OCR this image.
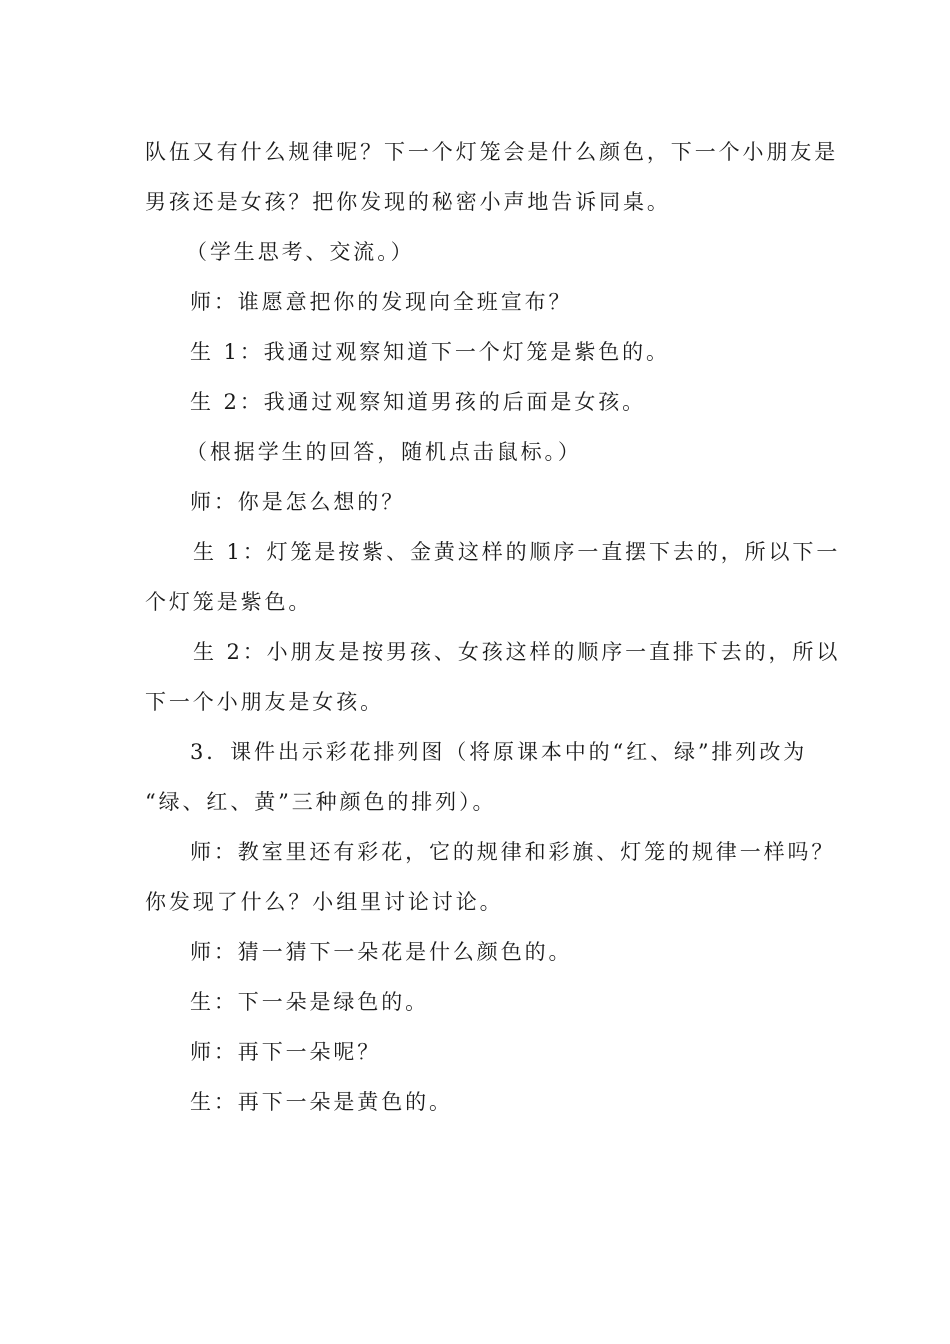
队伍又有什么规律呢？下一个灯笼会是什么颜色，下一个小朋友是

男孩还是女孩？把你发现的秘密小声地告诉同桌。

（学生思考、交流。）

师：谁愿意把你的发现向全班宣布？

生 1：我通过观察知道下一个灯笼是紫色的。

生 2：我通过观察知道男孩的后面是女孩。

（根据学生的回答，随机点击鼠标。）

师：你是怎么想的？

生 1：灯笼是按紫、金黄这样的顺序一直摆下去的，所以下一

个灯笼是紫色。

生 2：小朋友是按男孩、女孩这样的顺序一直排下去的，所以

下一个小朋友是女孩。

3．课件出示彩花排列图（将原课本中的“红、绿”排列改为

“绿、红、黄”三种颜色的排列）。

师：教室里还有彩花，它的规律和彩旗、灯笼的规律一样吗？

你发现了什么？小组里讨论讨论。

师：猜一猜下一朵花是什么颜色的。

生：下一朵是绿色的。

师：再下一朵呢？

生：再下一朵是黄色的。
